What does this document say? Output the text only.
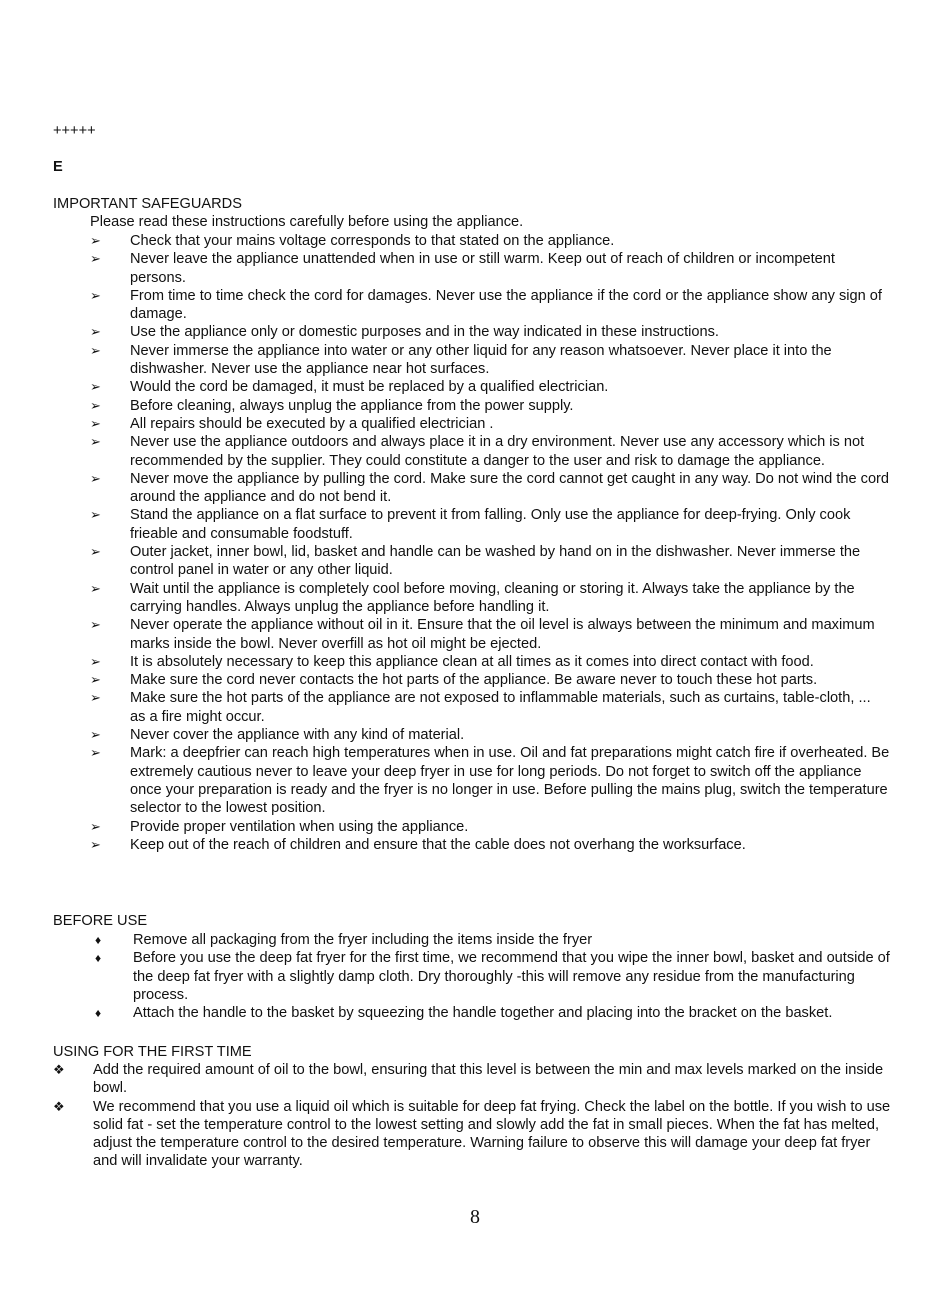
+++++
E
IMPORTANT SAFEGUARDS
Please read these instructions carefully before using the appliance.
➢ Check that your mains voltage corresponds to that stated on the appliance.
➢ Never leave the appliance unattended when in use or still warm. Keep out of reach of children or incompetent persons.
➢ From time to time check the cord for damages. Never use the appliance if the cord or the appliance show any sign of damage.
➢ Use the appliance only or domestic purposes and in the way indicated in these instructions.
➢ Never immerse the appliance into water or any other liquid for any reason whatsoever. Never place it into the dishwasher. Never use the appliance near hot surfaces.
➢ Would the cord be damaged, it must be replaced by a qualified electrician.
➢ Before cleaning, always unplug the appliance from the power supply.
➢ All repairs should be executed by a qualified electrician .
➢ Never use the appliance outdoors and always place it in a dry environment. Never use any accessory which is not recommended by the supplier. They could constitute a danger to the user and risk to damage the appliance.
➢ Never move the appliance by pulling the cord. Make sure the cord cannot get caught in any way. Do not wind the cord around the appliance and do not bend it.
➢ Stand the appliance on a flat surface to prevent it from falling. Only use the appliance for deep-frying. Only cook frieable and consumable foodstuff.
➢ Outer jacket, inner bowl, lid, basket and handle can be washed by hand on in the dishwasher. Never immerse the control panel in water or any other liquid.
➢ Wait until the appliance is completely cool before moving, cleaning or storing it. Always take the appliance by the carrying handles. Always unplug the appliance before handling it.
➢ Never operate the appliance without oil in it. Ensure that the oil level is always between the minimum and maximum marks inside the bowl. Never overfill as hot oil might be ejected.
➢ It is absolutely necessary to keep this appliance clean at all times as it comes into direct contact with food.
➢ Make sure the cord never contacts the hot parts of the appliance. Be aware never to touch these hot parts.
➢ Make sure the hot parts of the appliance are not exposed to inflammable materials, such as curtains, table-cloth, ... as a fire might occur.
➢ Never cover the appliance with any kind of material.
➢ Mark: a deepfrier can reach high temperatures when in use. Oil and fat preparations might catch fire if overheated. Be extremely cautious never to leave your deep fryer in use for long periods. Do not forget to switch off the appliance once your preparation is ready and the fryer is no longer in use. Before pulling the mains plug, switch the temperature selector to the lowest position.
➢ Provide proper ventilation when using the appliance.
➢ Keep out of the reach of children and ensure that the cable does not overhang the worksurface.
BEFORE USE
♦ Remove all packaging from the fryer including the items inside the fryer
♦ Before you use the deep fat fryer for the first time, we recommend that you wipe the inner bowl, basket and outside of the deep fat fryer with a slightly damp cloth. Dry thoroughly -this will remove any residue from the manufacturing process.
♦ Attach the handle to the basket by squeezing the handle together and placing into the bracket on the basket.
USING FOR THE FIRST TIME
❖ Add the required amount of oil to the bowl, ensuring that this level is between the min and max levels marked on the inside bowl.
❖ We recommend that you use a liquid oil which is suitable for deep fat frying. Check the label on the bottle. If you wish to use solid fat - set the temperature control to the lowest setting and slowly add the fat in small pieces. When the fat has melted, adjust the temperature control to the desired temperature. Warning failure to observe this will damage your deep fat fryer and will invalidate your warranty.
8
